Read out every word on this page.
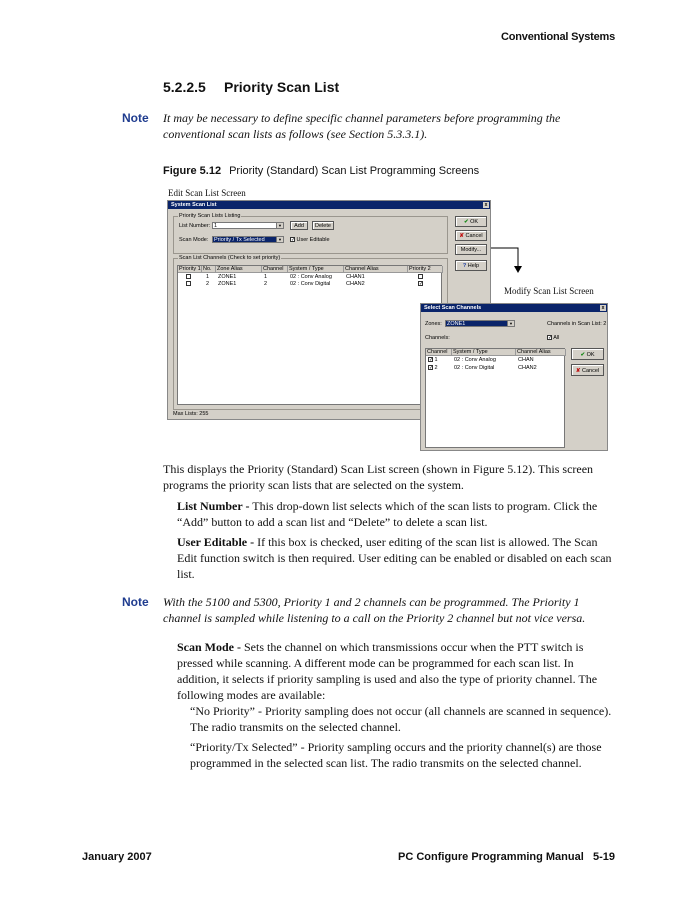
Conventional Systems
5.2.2.5 Priority Scan List
Note It may be necessary to define specific channel parameters before programming the conventional scan lists as follows (see Section 5.3.3.1).
Figure 5.12 Priority (Standard) Scan List Programming Screens
Edit Scan List Screen
Modify Scan List Screen
System Scan List	x
Priority Scan Lists Listing
List Number: 1	▼	Add	Delete
Scan Mode:	Priority / Tx Selected	▼ ✓ User Editable
Scan List Channels (Check to set priority)
Priority 1 No. Zone Alias	Channel	System / Type	Channel Alias	Priority 2
1 ZONE1	1	02 : Conv Analog	CHAN1
2 ZONE1	2	02 : Conv Digital	CHAN2	✓
Max Lists: 255
✔ OK
✘ Cancel
Modify...
? Help
Select Scan Channels	x
Zones: ZONE1	▼	Channels in Scan List: 2
Channels:	✓ All
Channel	System / Type	Channel Alias
✓ 1	02 : Conv Analog	CHAN
✓ 2	02 : Conv Digital	CHAN2
✔ OK
✘ Cancel
This displays the Priority (Standard) Scan List screen (shown in Figure 5.12). This screen programs the priority scan lists that are selected on the system.
List Number - This drop-down list selects which of the scan lists to program. Click the “Add” button to add a scan list and “Delete” to delete a scan list.
User Editable - If this box is checked, user editing of the scan list is allowed. The Scan Edit function switch is then required. User editing can be enabled or disabled on each scan list.
Note With the 5100 and 5300, Priority 1 and 2 channels can be programmed. The Priority 1 channel is sampled while listening to a call on the Priority 2 channel but not vice versa.
Scan Mode - Sets the channel on which transmissions occur when the PTT switch is pressed while scanning. A different mode can be programmed for each scan list. In addition, it selects if priority sampling is used and also the type of priority channel. The following modes are available:
“No Priority” - Priority sampling does not occur (all channels are scanned in sequence). The radio transmits on the selected channel.
“Priority/Tx Selected” - Priority sampling occurs and the priority channel(s) are those programmed in the selected scan list. The radio transmits on the selected channel.
January 2007	PC Configure Programming Manual 5-19
